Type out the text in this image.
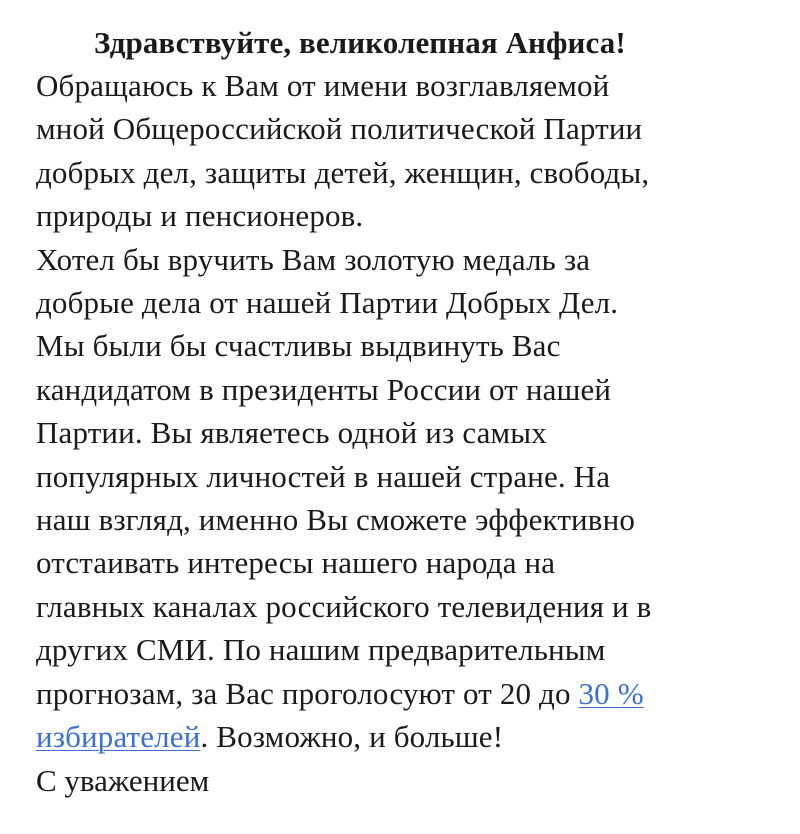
Здравствуйте, великолепная Анфиса!
Обращаюсь к Вам от имени возглавляемой
мной Общероссийской политической Партии
добрых дел, защиты детей, женщин, свободы,
природы и пенсионеров.
Хотел бы вручить Вам золотую медаль за
добрые дела от нашей Партии Добрых Дел.
Мы были бы счастливы выдвинуть Вас
кандидатом в президенты России от нашей
Партии. Вы являетесь одной из самых
популярных личностей в нашей стране. На
наш взгляд, именно Вы сможете эффективно
отстаивать интересы нашего народа на
главных каналах российского телевидения и в
других СМИ. По нашим предварительным
прогнозам, за Вас проголосуют от 20 до 30 %
избирателей. Возможно, и больше!
С уважением
